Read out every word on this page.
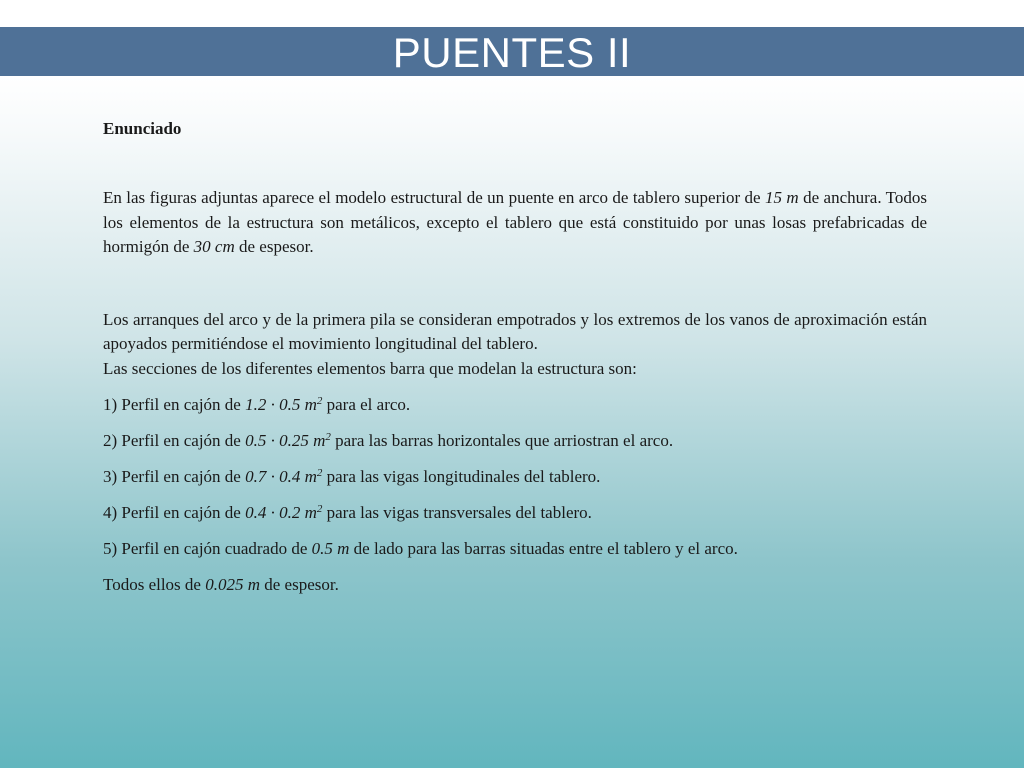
PUENTES II

Enunciado

En las figuras adjuntas aparece el modelo estructural de un puente en arco de tablero superior de 15 m de anchura. Todos los elementos de la estructura son metálicos, excepto el tablero que está constituido por unas losas prefabricadas de hormigón de 30 cm de espesor.

Los arranques del arco y de la primera pila se consideran empotrados y los extremos de los vanos de aproximación están apoyados permitiéndose el movimiento longitudinal del tablero.

Las secciones de los diferentes elementos barra que modelan la estructura son:

1) Perfil en cajón de 1.2 · 0.5 $m^2$ para el arco.

2) Perfil en cajón de 0.5 · 0.25 $m^2$ para las barras horizontales que arriostran el arco.

3) Perfil en cajón de 0.7 · 0.4 $m^2$ para las vigas longitudinales del tablero.

4) Perfil en cajón de 0.4 · 0.2 $m^2$ para las vigas transversales del tablero.

5) Perfil en cajón cuadrado de 0.5 m de lado para las barras situadas entre el tablero y el arco.

Todos ellos de 0.025 m de espesor.
